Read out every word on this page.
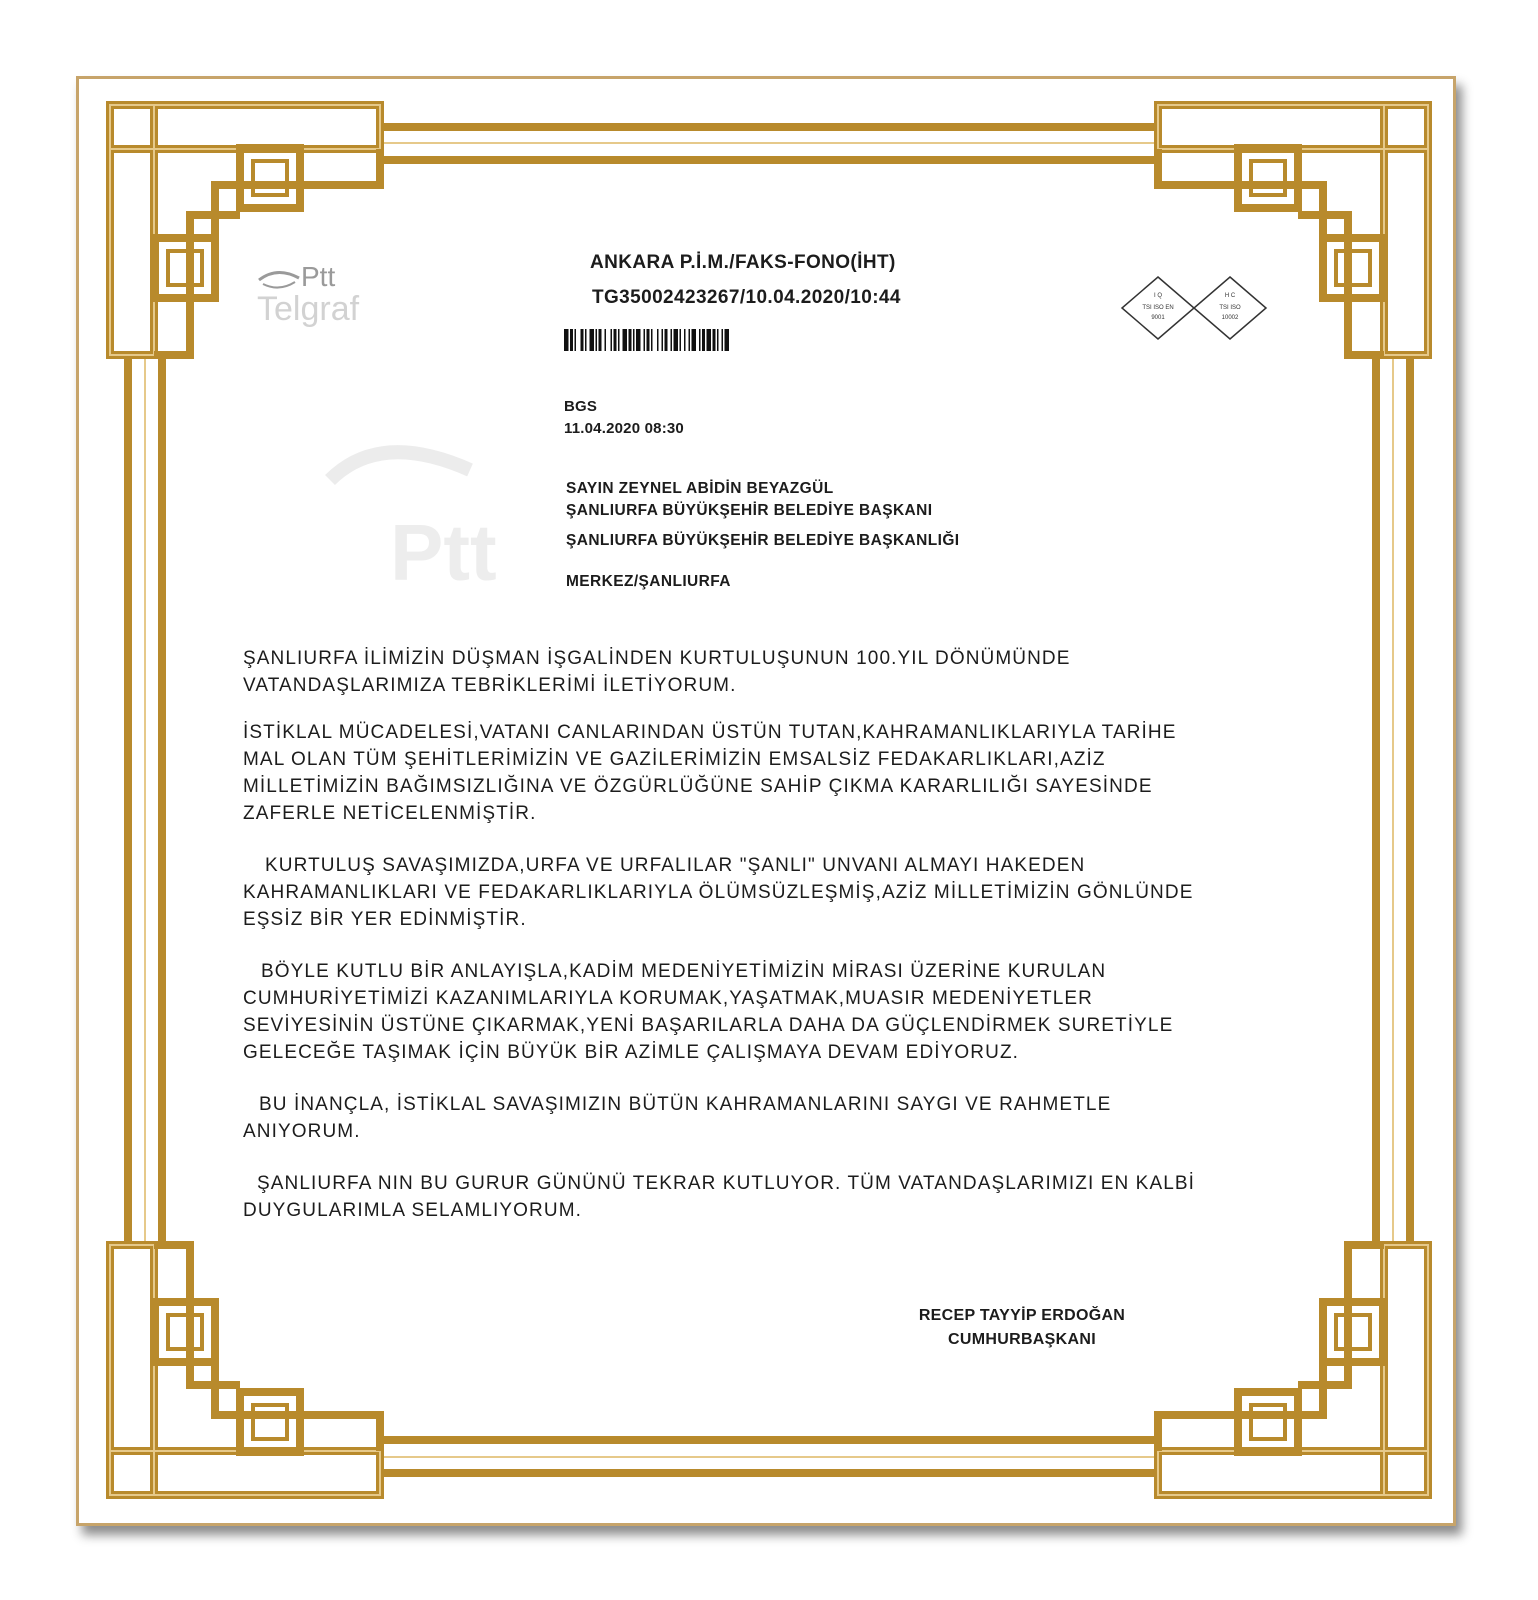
Ptt
Telgraf
Ptt
ANKARA P.İ.M./FAKS-FONO(İHT)
TG35002423267/10.04.2020/10:44	I Q
TSI ISO EN
9001
H C
TSI ISO
10002
BGS
11.04.2020 08:30
SAYIN ZEYNEL ABİDİN BEYAZGÜL
ŞANLIURFA BÜYÜKŞEHİR BELEDİYE BAŞKANI
ŞANLIURFA BÜYÜKŞEHİR BELEDİYE BAŞKANLIĞI
MERKEZ/ŞANLIURFA

ŞANLIURFA İLİMİZİN DÜŞMAN İŞGALİNDEN KURTULUŞUNUN 100.YIL DÖNÜMÜNDE
VATANDAŞLARIMIZA TEBRİKLERİMİ İLETİYORUM.

İSTİKLAL MÜCADELESİ,VATANI CANLARINDAN ÜSTÜN TUTAN,KAHRAMANLIKLARIYLA TARİHE
MAL OLAN TÜM ŞEHİTLERİMİZİN VE GAZİLERİMİZİN EMSALSİZ FEDAKARLIKLARI,AZİZ
MİLLETİMİZİN BAĞIMSIZLIĞINA VE ÖZGÜRLÜĞÜNE SAHİP ÇIKMA KARARLILIĞI SAYESİNDE
ZAFERLE NETİCELENMİŞTİR.

KURTULUŞ SAVAŞIMIZDA,URFA VE URFALILAR "ŞANLI" UNVANI ALMAYI HAKEDEN
KAHRAMANLIKLARI VE FEDAKARLIKLARIYLA ÖLÜMSÜZLEŞMİŞ,AZİZ MİLLETİMİZİN GÖNLÜNDE
EŞSİZ BİR YER EDİNMİŞTİR.

BÖYLE KUTLU BİR ANLAYIŞLA,KADİM MEDENİYETİMİZİN MİRASI ÜZERİNE KURULAN
CUMHURİYETİMİZİ KAZANIMLARIYLA KORUMAK,YAŞATMAK,MUASIR MEDENİYETLER
SEVİYESİNİN ÜSTÜNE ÇIKARMAK,YENİ BAŞARILARLA DAHA DA GÜÇLENDİRMEK SURETİYLE
GELECEĞE TAŞIMAK İÇİN BÜYÜK BİR AZİMLE ÇALIŞMAYA DEVAM EDİYORUZ.

BU İNANÇLA, İSTİKLAL SAVAŞIMIZIN BÜTÜN KAHRAMANLARINI SAYGI VE RAHMETLE
ANIYORUM.

ŞANLIURFA NIN BU GURUR GÜNÜNÜ TEKRAR KUTLUYOR. TÜM VATANDAŞLARIMIZI EN KALBİ
DUYGULARIMLA SELAMLIYORUM.

RECEP TAYYİP ERDOĞAN
CUMHURBAŞKANI
